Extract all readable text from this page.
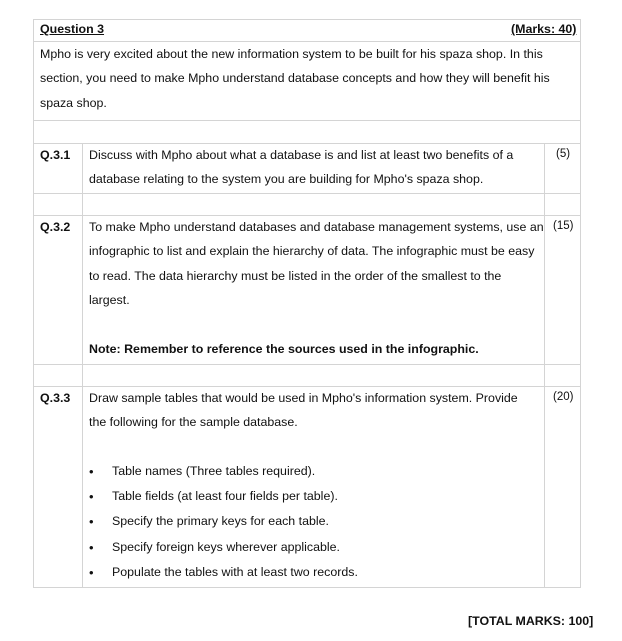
Question 3	(Marks: 40)
Mpho is very excited about the new information system to be built for his spaza shop. In this
section, you need to make Mpho understand database concepts and how they will benefit his
spaza shop.
Q.3.1 Discuss with Mpho about what a database is and list at least two benefits of a
database relating to the system you are building for Mpho's spaza shop.
(5)
Q.3.2 To make Mpho understand databases and database management systems, use an
infographic to list and explain the hierarchy of data. The infographic must be easy
to read. The data hierarchy must be listed in the order of the smallest to the
largest.
Note: Remember to reference the sources used in the infographic.
(15)
Q.3.3 Draw sample tables that would be used in Mpho's information system. Provide
the following for the sample database.
(20)
• Table names (Three tables required).
• Table fields (at least four fields per table).
• Specify the primary keys for each table.
• Specify foreign keys wherever applicable.
• Populate the tables with at least two records.
[TOTAL MARKS: 100]
